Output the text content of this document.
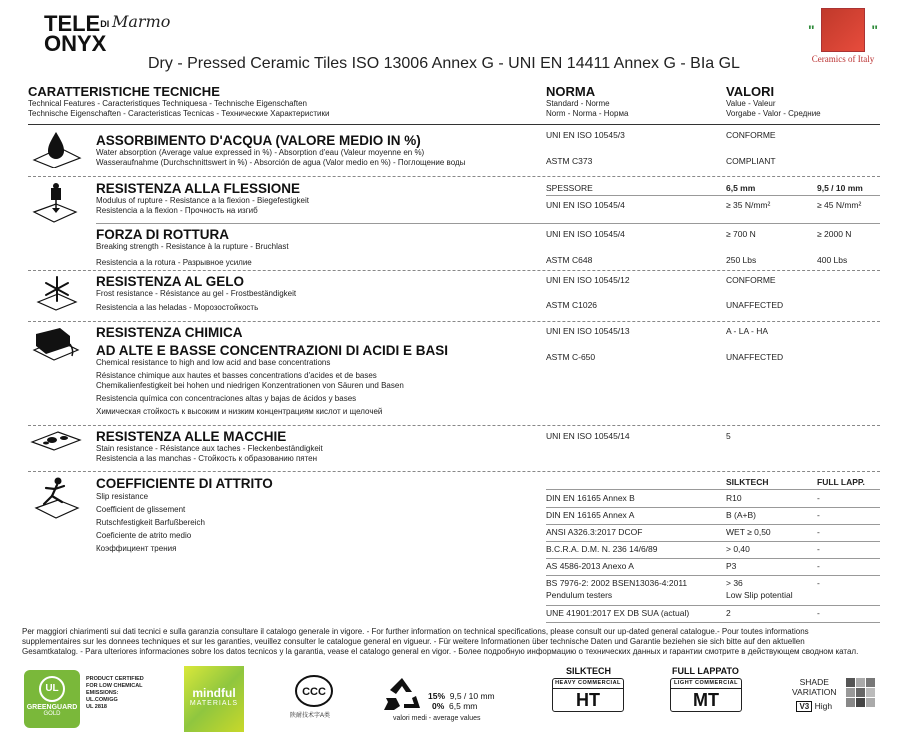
$TELE^{DI}$
ONYX
Marmo
Dry - Pressed Ceramic Tiles ISO 13006 Annex G - UNI EN 14411 Annex G - BIa GL
"	"
Ceramics of Italy
CARATTERISTICHE TECNICHE
Technical Features - Caracteristiques Techniquesa - Technische Eigenschaften
Technische Eigenschaften - Caracteristicas Tecnicas - Технические Характеристики
NORMA
Standard - Norme
Norm - Norma - Норма
VALORI
Value - Valeur
Vorgabe - Valor - Средние
ASSORBIMENTO D'ACQUA (VALORE MEDIO IN %)
Water absorption (Average value expressed in %) - Absorption d'eau (Valeur moyenne en %)
Wasseraufnahme (Durchschnittswert in %) - Absorción de agua (Valor medio en %) - Поглощение воды
UNI EN ISO 10545/3	CONFORME
ASTM C373	COMPLIANT
RESISTENZA ALLA FLESSIONE
Modulus of rupture - Resistance a la flexion - Biegefestigkeit
Resistencia a la flexion - Прочность на изгиб
SPESSORE	6,5 mm	9,5 / 10 mm
UNI EN ISO 10545/4	≥ 35 N/mm²	≥ 45 N/mm²
FORZA DI ROTTURA
Breaking strength - Resistance à la rupture - Bruchlast
Resistencia a la rotura - Разрывное усилие
UNI EN ISO 10545/4	≥ 700 N	≥ 2000 N
ASTM C648	250 Lbs	400 Lbs
RESISTENZA AL GELO
Frost resistance - Résistance au gel - Frostbeständigkeit
Resistencia a las heladas - Морозостойкость
UNI EN ISO 10545/12	CONFORME
ASTM C1026	UNAFFECTED
RESISTENZA CHIMICA
AD ALTE E BASSE CONCENTRAZIONI DI ACIDI E BASI
Chemical resistance to high and low acid and base concentrations
Résistance chimique aux hautes et basses concentrations d'acides et de bases
Chemikalienfestigkeit bei hohen und niedrigen Konzentrationen von Säuren und Basen
Resistencia química con concentraciones altas y bajas de ácidos y bases
Химическая стойкость к высоким и низким концентрациям кислот и щелочей
UNI EN ISO 10545/13	A - LA - HA
ASTM C-650	UNAFFECTED
RESISTENZA ALLE MACCHIE
Stain resistance - Résistance aux taches - Fleckenbeständigkeit
Resistencia a las manchas - Стойкость к образованию пятен
UNI EN ISO 10545/14	5
COEFFICIENTE DI ATTRITO
Slip resistance
Coefficient de glissement
Rutschfestigkeit Barfußbereich
Coeficiente de atrito medio
Коэффициент трения
SILKTECH	FULL LAPP.
DIN EN 16165 Annex B	R10	-
DIN EN 16165 Annex A	B (A+B)	-
ANSI A326.3:2017 DCOF	WET ≥ 0,50	-
B.C.R.A. D.M. N. 236 14/6/89	> 0,40	-
AS 4586-2013 Anexo A	P3	-
BS 7976-2: 2002 BSEN13036-4:2011	> 36	-
Pendulum testers	Low Slip potential
UNE 41901:2017 EX DB SUA (actual)	2	-
Per maggiori chiarimenti sui dati tecnici e sulla garanzia consultare il catalogo generale in vigore. - For further information on technical specifications, please consult our up-dated general catalogue.- Pour toutes informations
supplementaires sur les donnees techniques et sur les garanties, veuillez consulter le catalogue general en vigueur. - Für weitere Informationen über technische Daten und Garantie beziehen sie sich bitte auf den aktuellen
Gesamtkatalog. - Para ulteriores informaciones sobre los datos tecnicos y la garantia, vease el catalogo general en vigor. - Более подробную информацию о технических данных и гарантии смотрите в действующем сводном катал.
UL
GREENGUARD
GOLD
PRODUCT CERTIFIED
FOR LOW CHEMICAL
EMISSIONS:
UL.COM/GG
UL 2818
mindful
MATERIALS
CCC
陕耐技术字A类
15% 9,5 / 10 mm
0% 6,5 mm
valori medi - average values
SILKTECH
HEAVY COMMERCIAL
HT
FULL LAPPATO
LIGHT COMMERCIAL
MT
SHADE
VARIATION
V3 High
